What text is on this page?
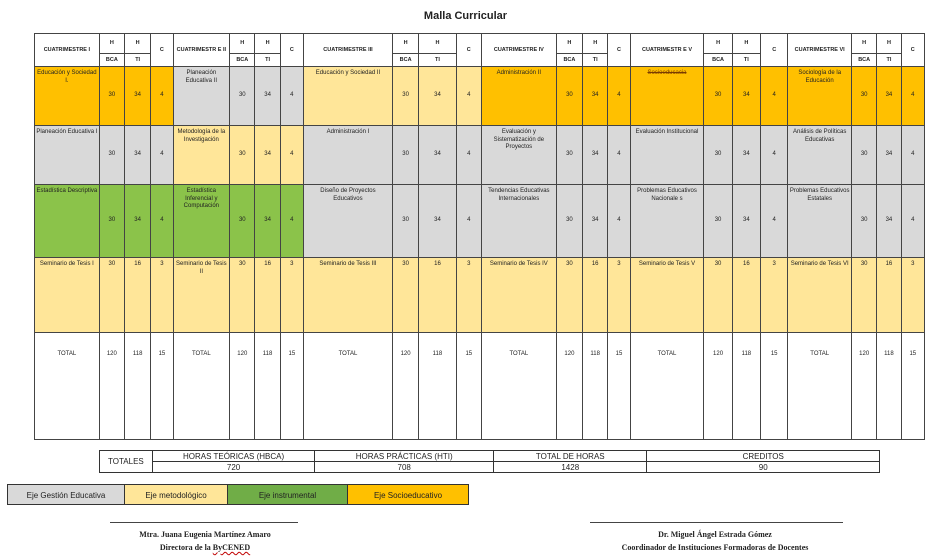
Malla Curricular
CUATRIMESTRE I	H	H	C	CUATRIMESTR E II	H	H	C	CUATRIMESTRE III	H	H	C	CUATRIMESTRE IV	H	H	C	CUATRIMESTR E V	H	H	C	CUATRIMESTRE VI	H	H	C
	BCA	TI			BCA	TI			BCA	TI			BCA	TI			BCA	TI			BCA	TI	
Educación y Sociedad I.	30	34	4	Planeación Educativa II	30	34	4	Educación y Sociedad II	30	34	4	Administración II	30	34	4	Socioeducacia	30	34	4	Sociología de la Educación	30	34	4
Planeación Educativa I	30	34	4	Metodología de la Investigación	30	34	4	Administración I	30	34	4	Evaluación y Sistematización de Proyectos	30	34	4	Evaluación Institucional	30	34	4	Análisis de Políticas Educativas	30	34	4
Estadística Descriptiva	30	34	4	Estadística Inferencial y Computación	30	34	4	Diseño de Proyectos Educativos	30	34	4	Tendencias Educativas Internacionales	30	34	4	Problemas Educativos Nacionale s	30	34	4	Problemas Educativos Estatales	30	34	4
Seminario de Tesis I	30	16	3	Seminario de Tesis II	30	16	3	Seminario de Tesis III	30	16	3	Seminario de Tesis IV	30	16	3	Seminario de Tesis V	30	16	3	Seminario de Tesis VI	30	16	3
TOTAL	120	118	15	TOTAL	120	118	15	TOTAL	120	118	15	TOTAL	120	118	15	TOTAL	120	118	15	TOTAL	120	118	15
TOTALES	HORAS TEÓRICAS (HBCA)	HORAS PRÁCTICAS (HTI)	TOTAL DE HORAS	CREDITOS
	720	708	1428	90
Eje Gestión Educativa	Eje metodológico	Eje instrumental	Eje Socioeducativo
Mtra. Juana Eugenia Martínez Amaro
Directora de la ByCENED
Dr. Miguel Ángel Estrada Gómez
Coordinador de Instituciones Formadoras de Docentes
